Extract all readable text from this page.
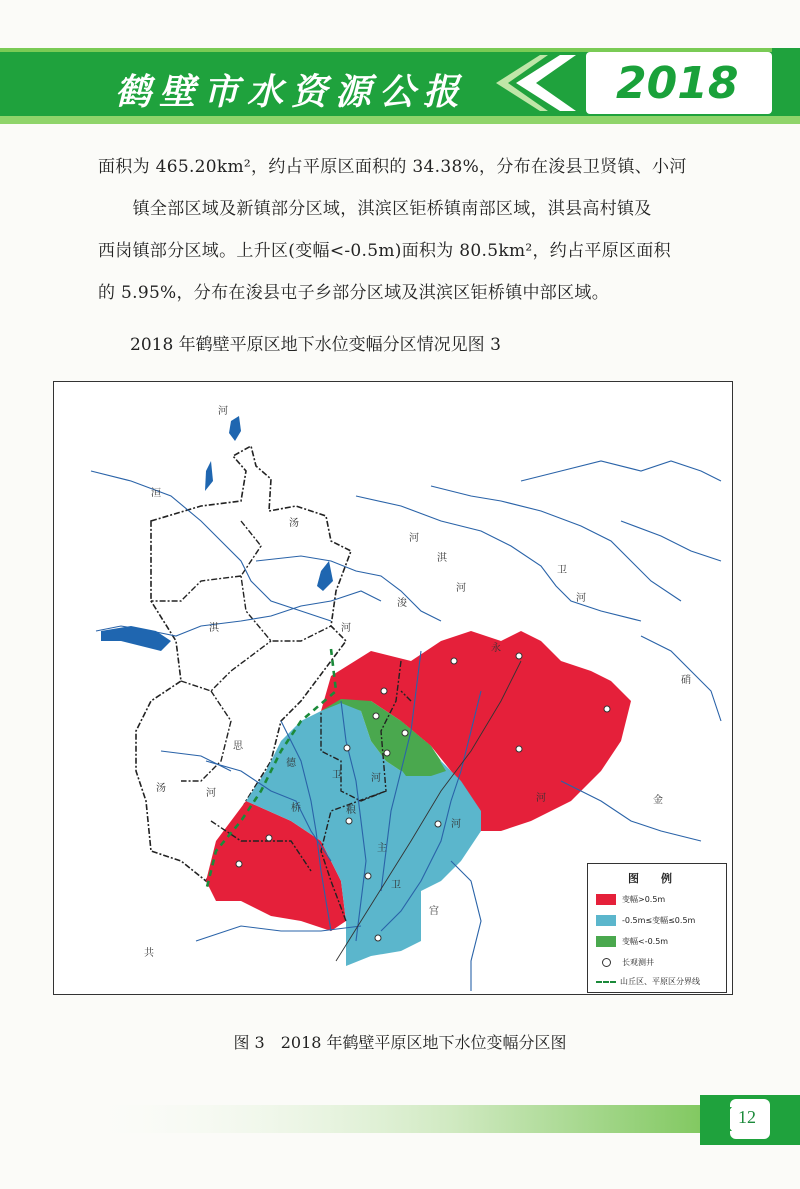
鹤壁市水资源公报	2018

面积为 465.20km²，约占平原区面积的 34.38%，分布在浚县卫贤镇、小河

　　镇全部区域及新镇部分区域，淇滨区钜桥镇南部区域，淇县高村镇及

西岗镇部分区域。上升区(变幅<-0.5m)面积为 80.5km²，约占平原区面积

的 5.95%，分布在浚县屯子乡部分区域及淇滨区钜桥镇中部区域。

2018 年鹤壁平原区地下水位变幅分区情况见图 3
河
洹
汤
河
淇
河
卫
河
共
思
德
汤	河
淇	河
主
卫
宫
浚
硝
河	金
粮
桥
永
河
卫	河
图例
变幅>0.5m
-0.5m≤变幅≤0.5m
变幅<-0.5m
长观测井
山丘区、平原区分界线
图 3　2018 年鹤壁平原区地下水位变幅分区图
12
